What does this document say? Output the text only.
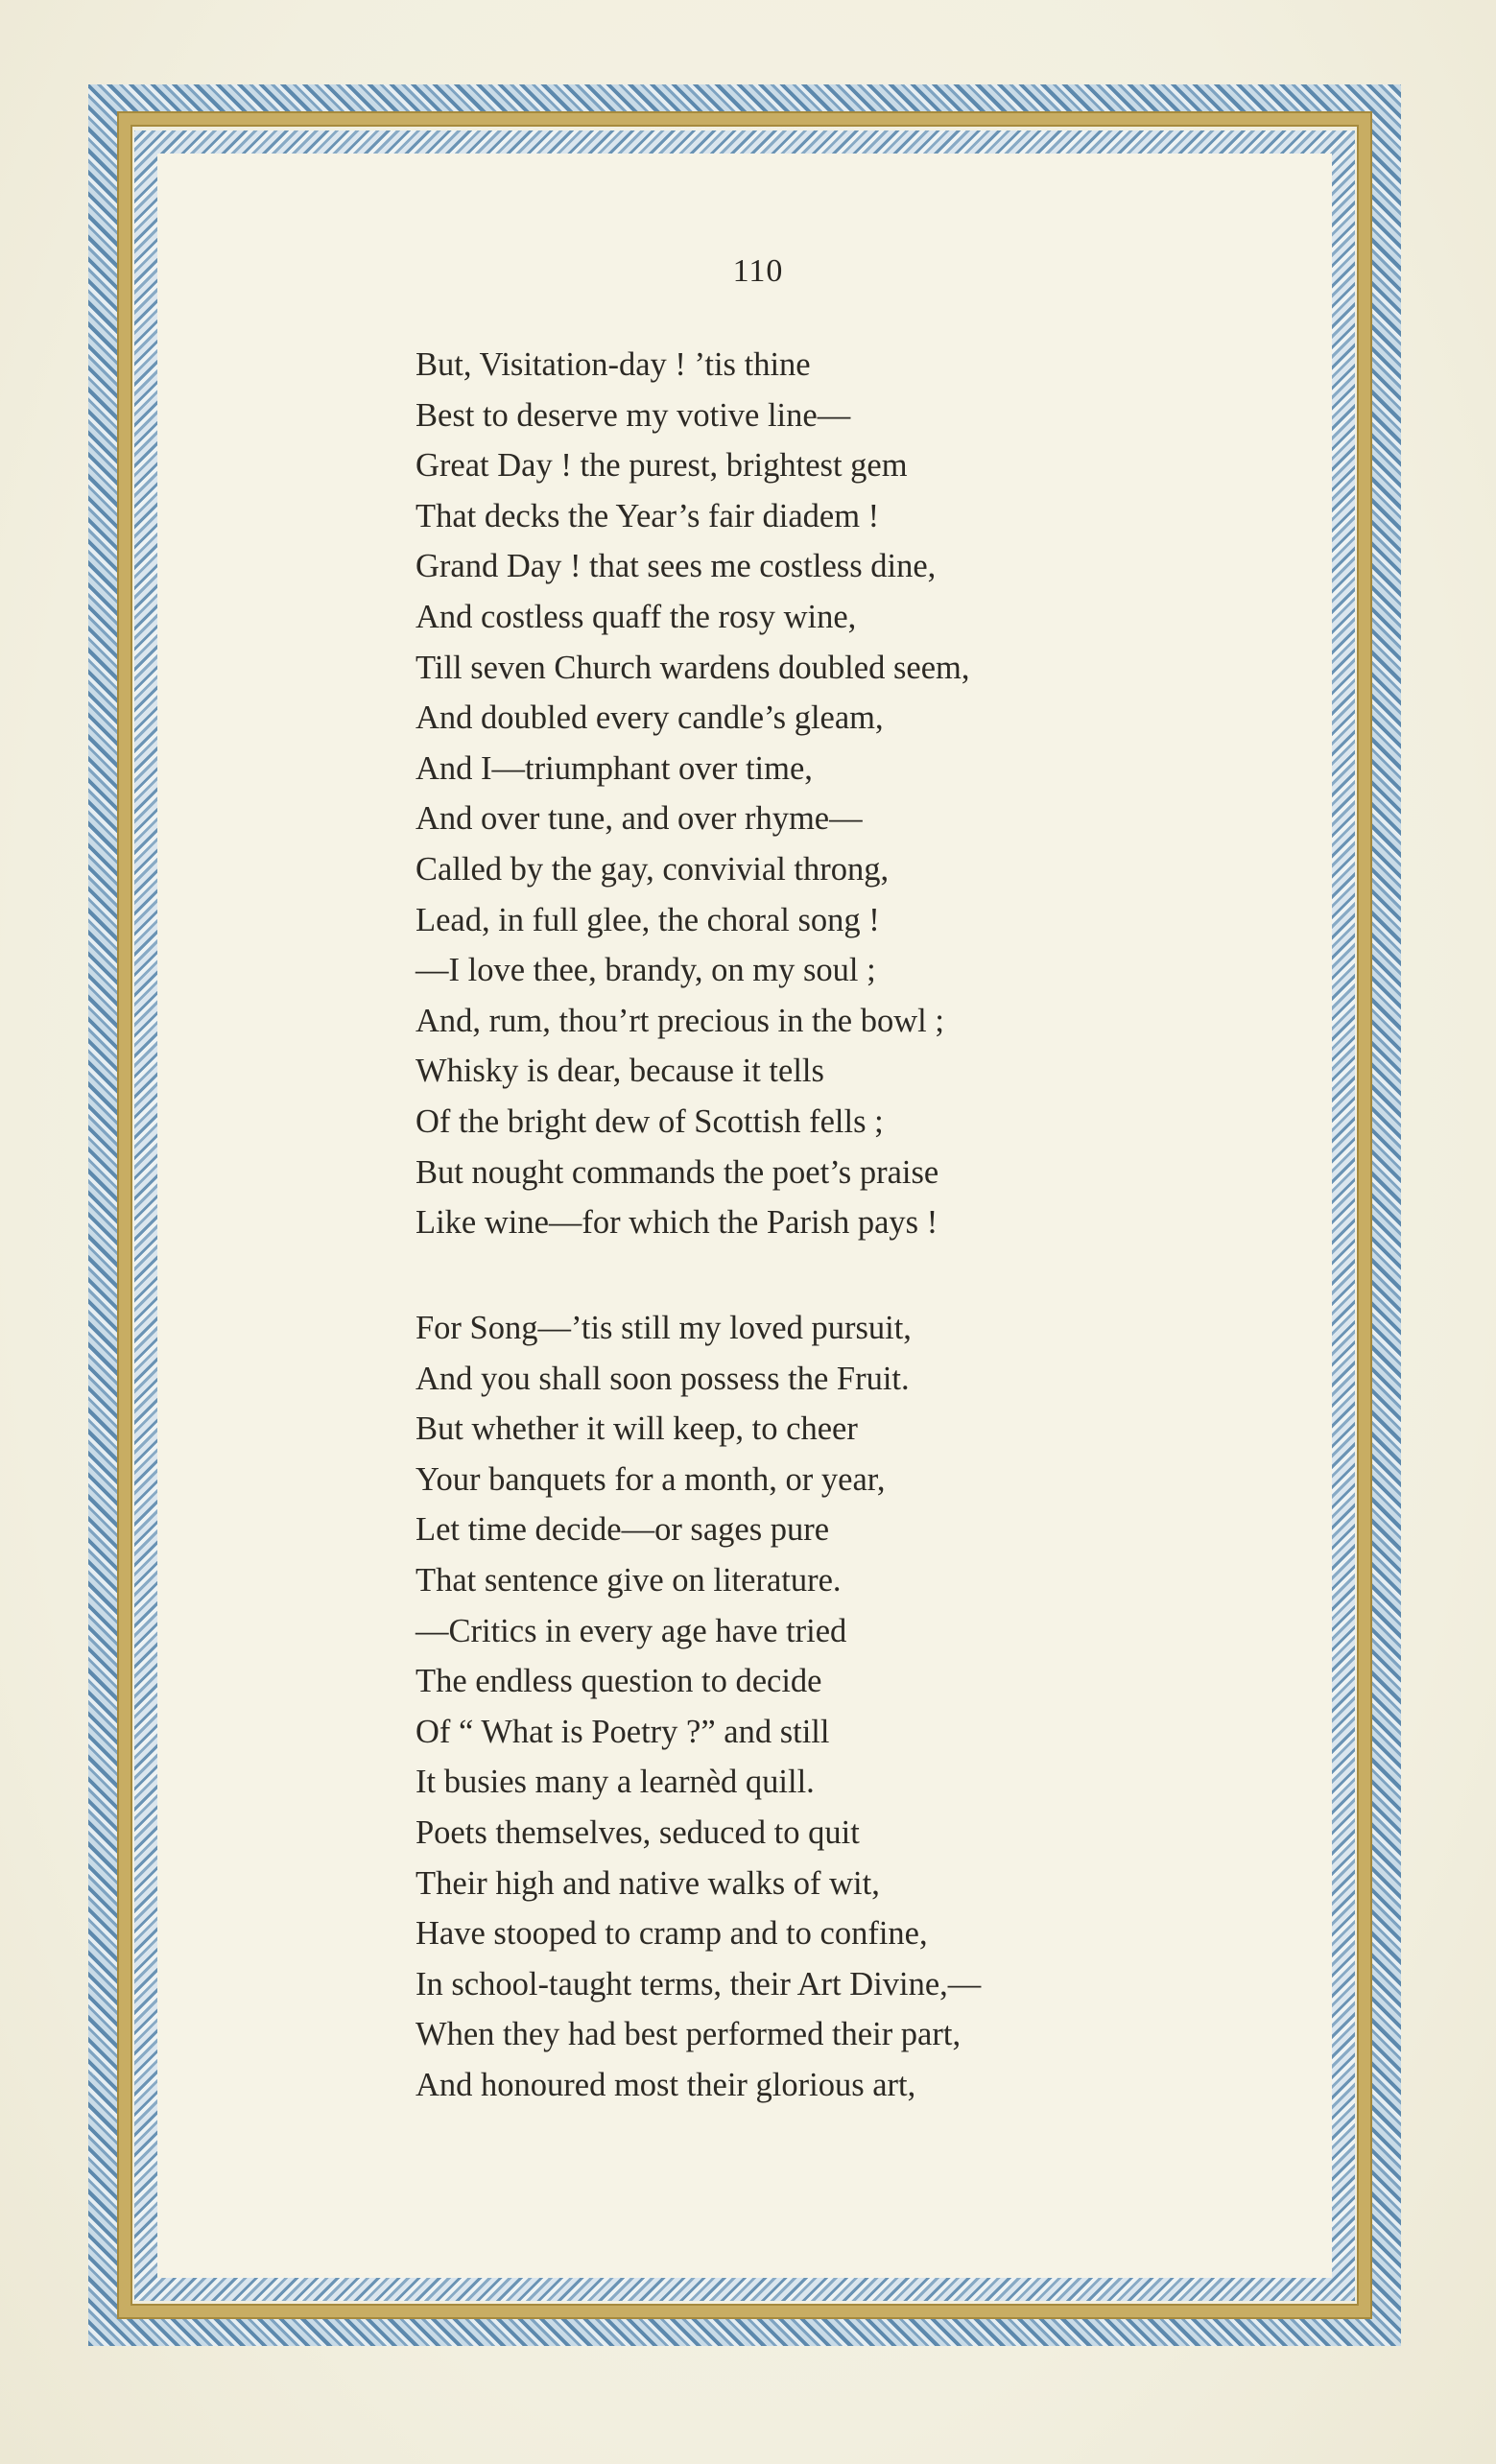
110
But, Visitation-day ! ’tis thine
Best to deserve my votive line—
Great Day ! the purest, brightest gem
That decks the Year’s fair diadem !
Grand Day ! that sees me costless dine,
And costless quaff the rosy wine,
Till seven Church wardens doubled seem,
And doubled every candle’s gleam,
And I—triumphant over time,
And over tune, and over rhyme—
Called by the gay, convivial throng,
Lead, in full glee, the choral song !
—I love thee, brandy, on my soul ;
And, rum, thou’rt precious in the bowl ;
Whisky is dear, because it tells
Of the bright dew of Scottish fells ;
But nought commands the poet’s praise
Like wine—for which the Parish pays !
For Song—’tis still my loved pursuit,
And you shall soon possess the Fruit.
But whether it will keep, to cheer
Your banquets for a month, or year,
Let time decide—or sages pure
That sentence give on literature.
—Critics in every age have tried
The endless question to decide
Of “ What is Poetry ?” and still
It busies many a learnèd quill.
Poets themselves, seduced to quit
Their high and native walks of wit,
Have stooped to cramp and to confine,
In school-taught terms, their Art Divine,—
When they had best performed their part,
And honoured most their glorious art,
